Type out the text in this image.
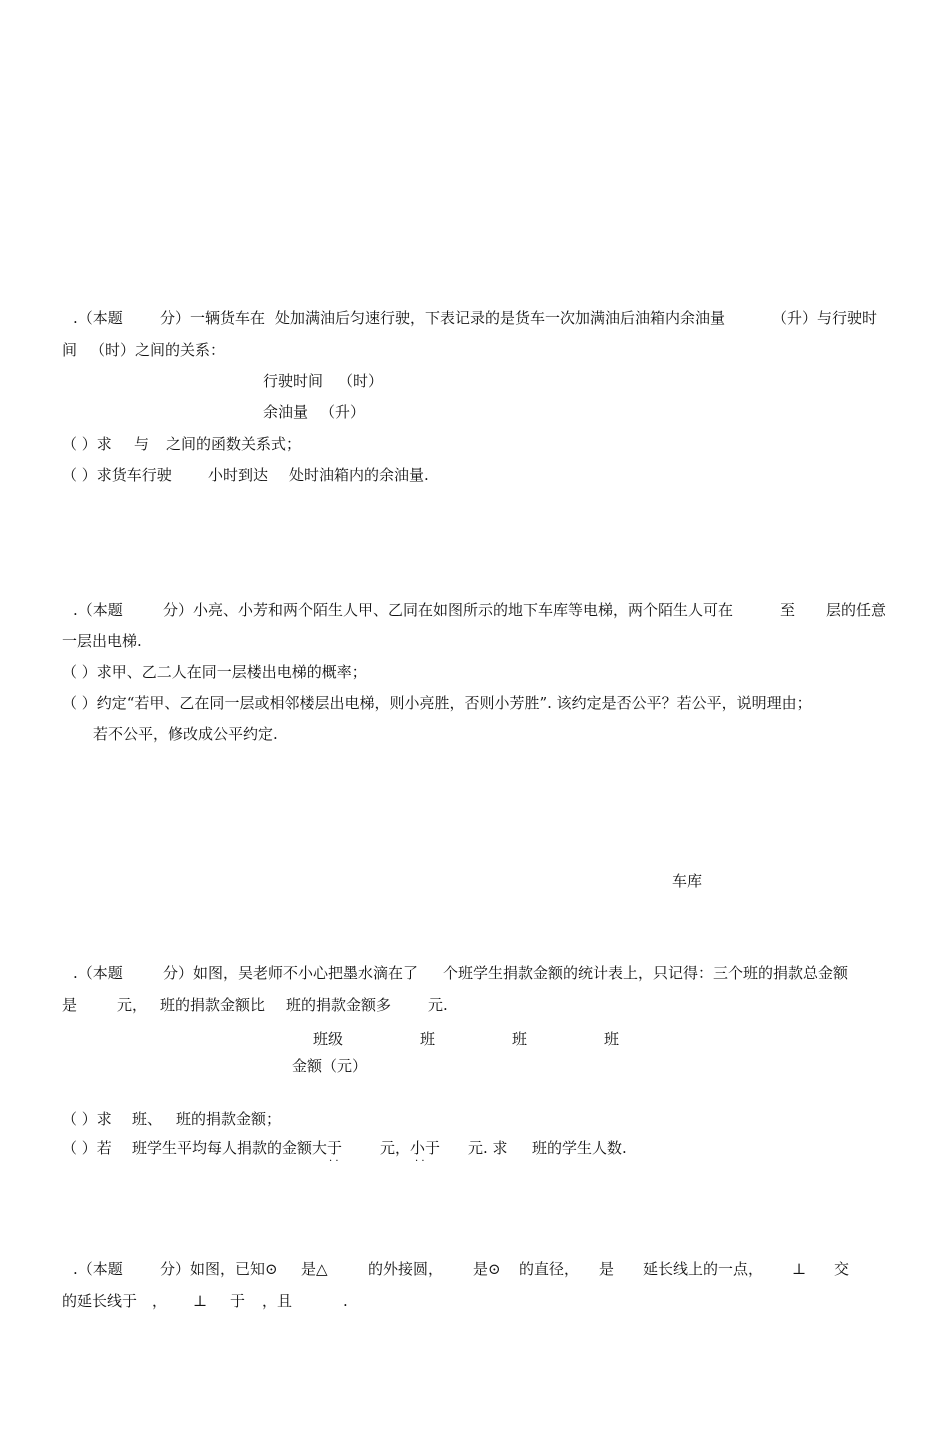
.（本题 分）一辆货车在 处加满油后匀速行驶，下表记录的是货车一次加满油后油箱内余油量	（升）与行驶时
间 （时）之间的关系：
行驶时间 （时）
余油量 （升）
（ ）求 与 之间的函数关系式；
（ ）求货车行驶 小时到达 处时油箱内的余油量.
.（本题	分）小亮、小芳和两个陌生人甲、乙同在如图所示的地下车库等电梯，两个陌生人可在	至 层的任意
一层出电梯.
（ ）求甲、乙二人在同一层楼出电梯的概率；
（ ）约定“若甲、乙在同一层或相邻楼层出电梯，则小亮胜，否则小芳胜”. 该约定是否公平？若公平，说明理由；
若不公平，修改成公平约定.
车库
.（本题	分）如图，吴老师不小心把墨水滴在了 个班学生捐款金额的统计表上，只记得：三个班的捐款总金额
是	元， 班的捐款金额比 班的捐款金额多 元.
班级	班	班	班
金额（元）
（ ）求 班、 班的捐款金额；
（ ）若 班学生平均每人捐款的金额大于	元，小于 元. 求 班的学生人数.
· ·	· ·
.（本题 分）如图，已知⊙ 是△	的外接圆， 是⊙ 的直径， 是 延长线上的一点， ⊥ 交
的延长线于 ， ⊥ 于 ，且	.
